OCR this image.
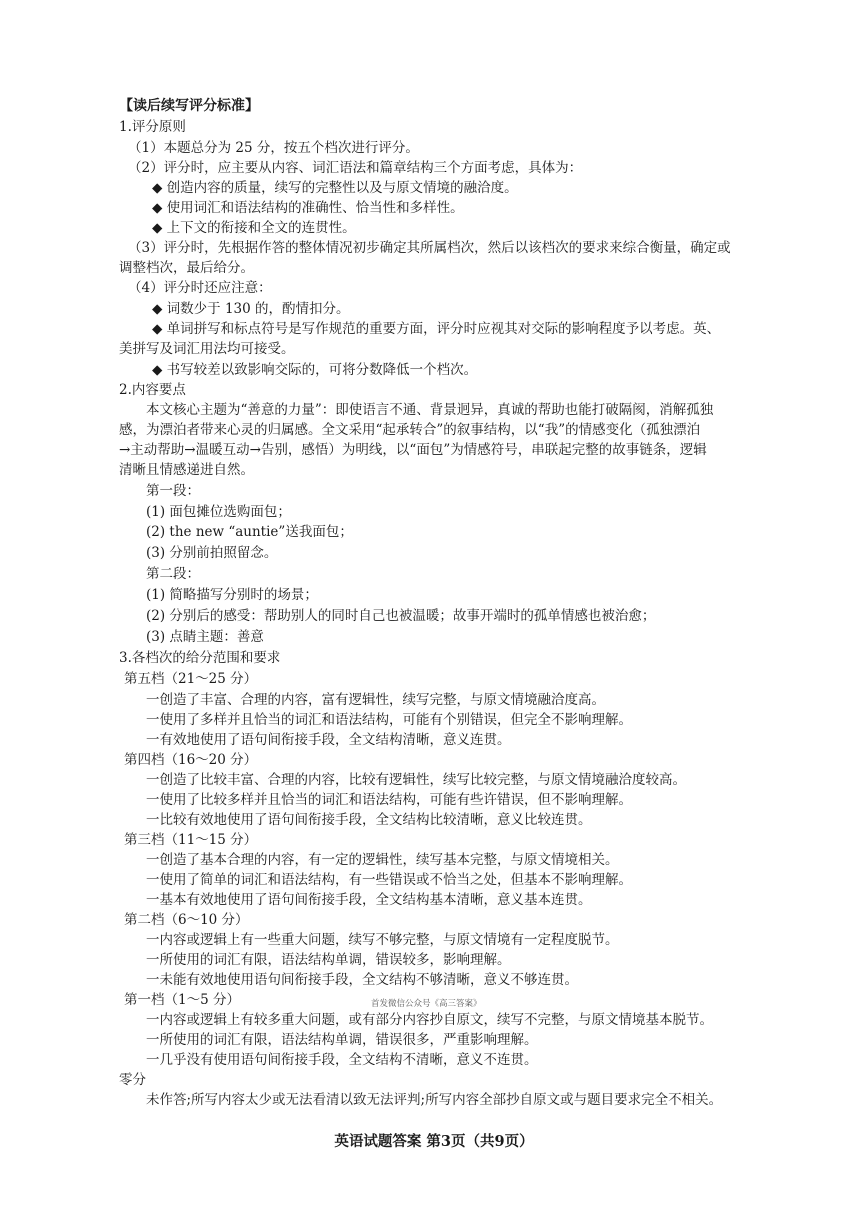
【读后续写评分标准】
1.评分原则
（1）本题总分为 25 分，按五个档次进行评分。
（2）评分时，应主要从内容、词汇语法和篇章结构三个方面考虑，具体为：
◆ 创造内容的质量，续写的完整性以及与原文情境的融洽度。
◆ 使用词汇和语法结构的准确性、恰当性和多样性。
◆ 上下文的衔接和全文的连贯性。
（3）评分时，先根据作答的整体情况初步确定其所属档次，然后以该档次的要求来综合衡量，确定或
调整档次，最后给分。
（4）评分时还应注意：
◆ 词数少于 130 的，酌情扣分。
◆ 单词拼写和标点符号是写作规范的重要方面，评分时应视其对交际的影响程度予以考虑。英、
美拼写及词汇用法均可接受。
◆ 书写较差以致影响交际的，可将分数降低一个档次。
2.内容要点
本文核心主题为“善意的力量”：即使语言不通、背景迥异，真诚的帮助也能打破隔阂，消解孤独
感，为漂泊者带来心灵的归属感。全文采用“起承转合”的叙事结构，以“我”的情感变化（孤独漂泊
→主动帮助→温暖互动→告别，感悟）为明线，以“面包”为情感符号，串联起完整的故事链条，逻辑
清晰且情感递进自然。
第一段：
(1) 面包摊位选购面包；
(2) the new “auntie”送我面包；
(3) 分别前拍照留念。
第二段：
(1) 简略描写分别时的场景；
(2) 分别后的感受：帮助别人的同时自己也被温暖；故事开端时的孤单情感也被治愈；
(3) 点睛主题：善意
3.各档次的给分范围和要求
第五档（21～25 分）
一创造了丰富、合理的内容，富有逻辑性，续写完整，与原文情境融洽度高。
一使用了多样并且恰当的词汇和语法结构，可能有个别错误，但完全不影响理解。
一有效地使用了语句间衔接手段，全文结构清晰，意义连贯。
第四档（16～20 分）
一创造了比较丰富、合理的内容，比较有逻辑性，续写比较完整，与原文情境融洽度较高。
一使用了比较多样并且恰当的词汇和语法结构，可能有些许错误，但不影响理解。
一比较有效地使用了语句间衔接手段，全文结构比较清晰，意义比较连贯。
第三档（11～15 分）
一创造了基本合理的内容，有一定的逻辑性，续写基本完整，与原文情境相关。
一使用了简单的词汇和语法结构，有一些错误或不恰当之处，但基本不影响理解。
一基本有效地使用了语句间衔接手段，全文结构基本清晰，意义基本连贯。
第二档（6～10 分）
一内容或逻辑上有一些重大问题，续写不够完整，与原文情境有一定程度脱节。
一所使用的词汇有限，语法结构单调，错误较多，影响理解。
一未能有效地使用语句间衔接手段，全文结构不够清晰，意义不够连贯。
第一档（1～5 分）	首发微信公众号《高三答案》
一内容或逻辑上有较多重大问题，或有部分内容抄自原文，续写不完整，与原文情境基本脱节。
一所使用的词汇有限，语法结构单调，错误很多，严重影响理解。
一几乎没有使用语句间衔接手段，全文结构不清晰，意义不连贯。
零分
未作答;所写内容太少或无法看清以致无法评判;所写内容全部抄自原文或与题目要求完全不相关。
英语试题答案 第3页（共9页）
